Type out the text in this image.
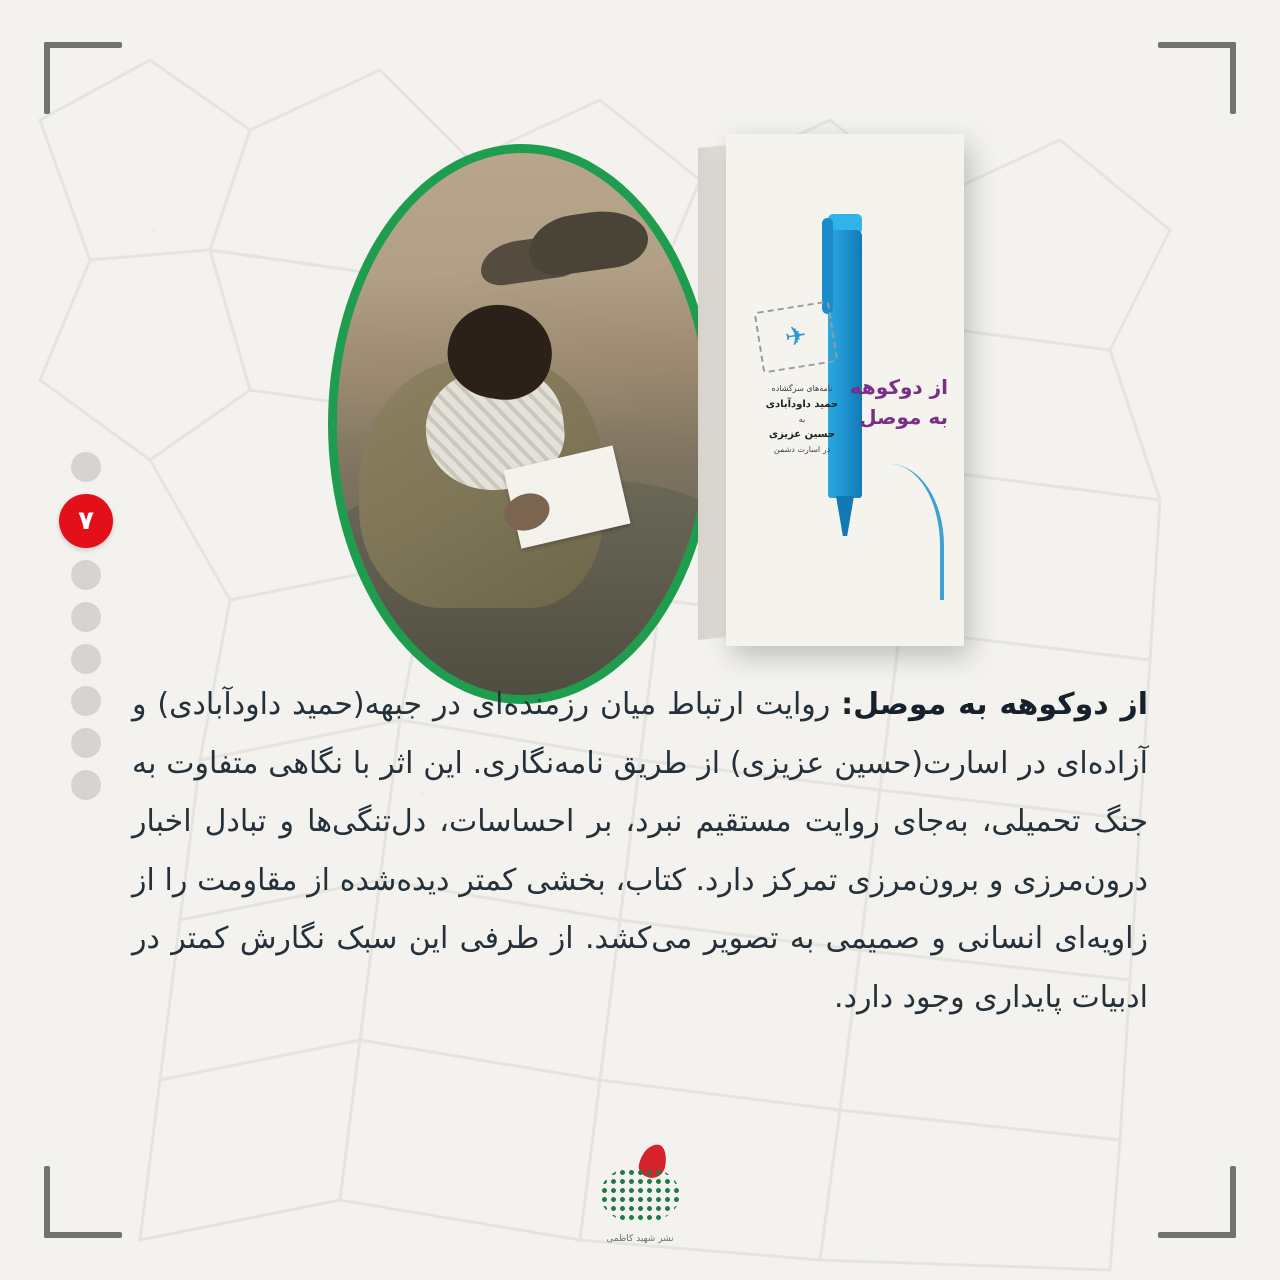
۷
✈
از دوکوهه
به موصل
نامه‌های سرگشاده
حمید داودآبادی
به
حسین عزیزی
در اسارت دشمن
از دوکوهه به موصل: روایت ارتباط میان رزمنده‌ای در جبهه(حمید داودآبادی) و آزاده‌ای در اسارت(حسین عزیزی) از طریق نامه‌نگاری. این اثر با نگاهی متفاوت به جنگ تحمیلی، به‌جای روایت مستقیم نبرد، بر احساسات، دل‌تنگی‌ها و تبادل اخبار درون‌مرزی و برون‌مرزی تمرکز دارد. کتاب، بخشی کمتر دیده‌شده از مقاومت را از زاویه‌ای انسانی و صمیمی به تصویر می‌کشد. از طرفی این سبک نگارش کمتر در ادبیات پایداری وجود دارد.
نشر شهید کاظمی
